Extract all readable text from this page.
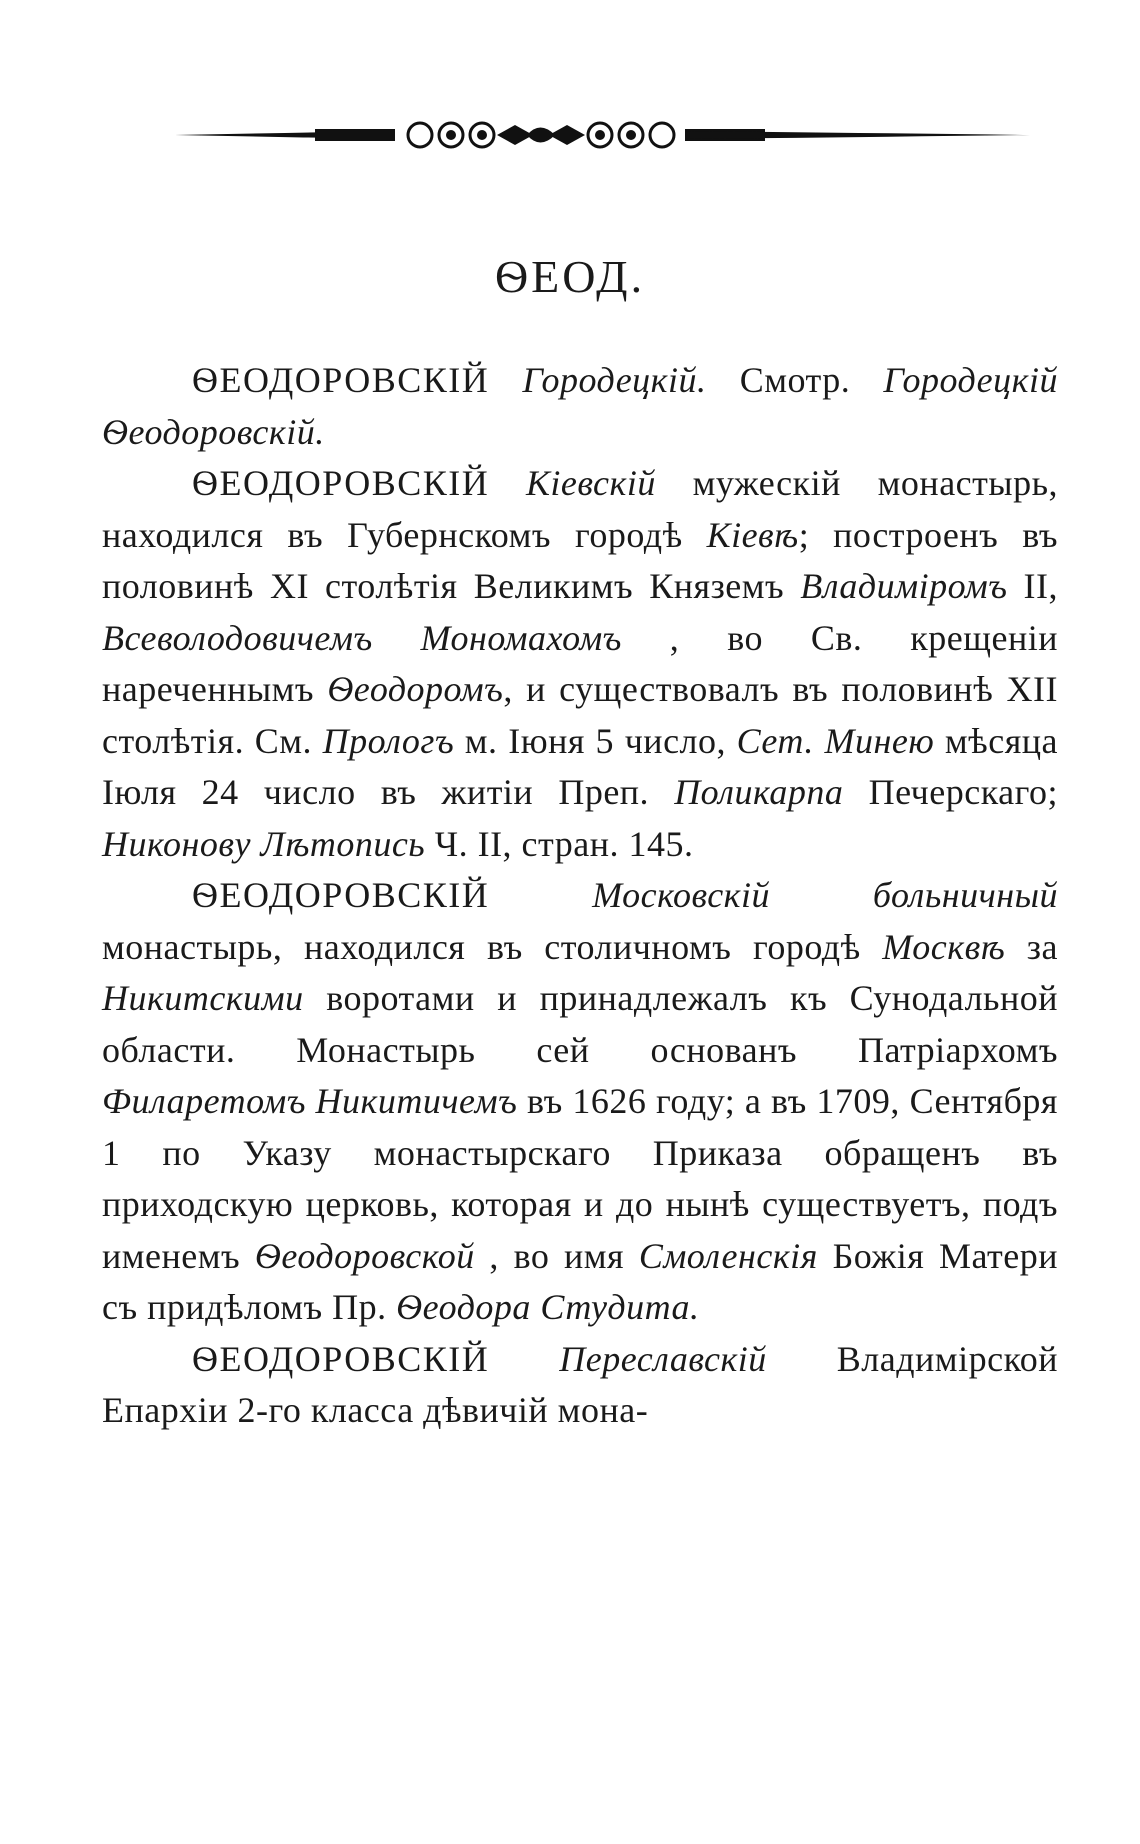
ѲЕОД.

ѲЕОДОРОВСКІЙ Городецкій. Смотр. Городецкій Ѳеодоровскій.

ѲЕОДОРОВСКІЙ Кіевскій мужескій монастырь, находился въ Губернскомъ городѣ Кіевѣ; построенъ въ половинѣ XI столѣтія Великимъ Княземъ Владиміромъ II, Всеволодовичемъ Мономахомъ , во Св. крещеніи нареченнымъ Ѳеодоромъ, и существовалъ въ половинѣ XII столѣтія. См. Прологъ м. Іюня 5 число, Сет. Минею мѣсяца Іюля 24 число въ житіи Преп. Поликарпа Печерскаго; Никонову Лѣтопись Ч. II, стран. 145.

ѲЕОДОРОВСКІЙ	Московскій больничный монастырь, находился въ столичномъ городѣ Москвѣ за Никитскими воротами и принадлежалъ къ Сунодальной области. Монастырь сей основанъ Патріархомъ Филаретомъ Никитичемъ въ 1626 году; а въ 1709, Сентября 1 по Указу монастырскаго Приказа обращенъ въ приходскую церковь, которая и до нынѣ существуетъ, подъ именемъ Ѳеодоровской , во имя Смоленскія Божія Матери съ придѣломъ Пр. Ѳеодора Студита.

ѲЕОДОРОВСКІЙ Переславскій Владимірской Епархіи 2-го класса дѣвичій мона-
